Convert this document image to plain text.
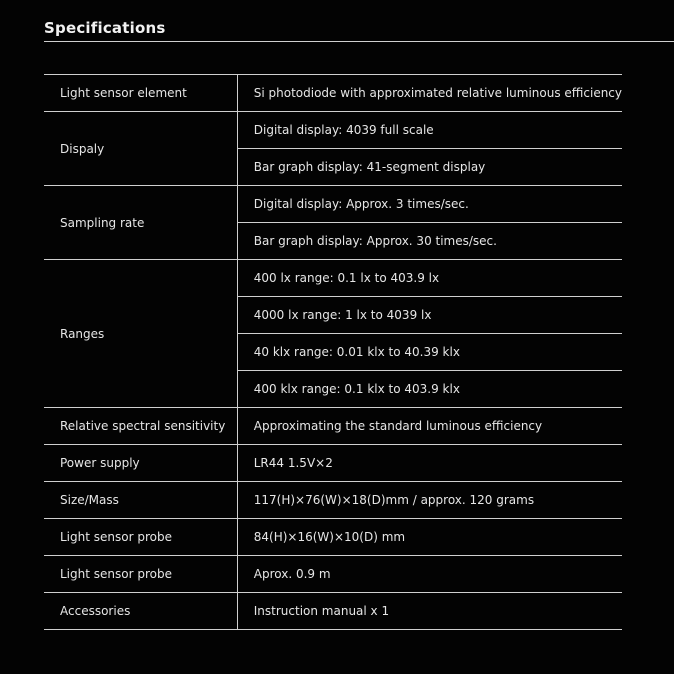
Specifications
Light sensor element	Si photodiode with approximated relative luminous efficiency
Dispaly	Digital display: 4039 full scale
	Bar graph display: 41-segment display
Sampling rate	Digital display: Approx. 3 times/sec.
	Bar graph display: Approx. 30 times/sec.
Ranges	400 lx range: 0.1 lx to 403.9 lx
	4000 lx range: 1 lx to 4039 lx
	40 klx range: 0.01 klx to 40.39 klx
	400 klx range: 0.1 klx to 403.9 klx
Relative spectral sensitivity	Approximating the standard luminous efficiency
Power supply	LR44 1.5V×2
Size/Mass	117(H)×76(W)×18(D)mm / approx. 120 grams
Light sensor probe	84(H)×16(W)×10(D) mm
Light sensor probe	Aprox. 0.9 m
Accessories	Instruction manual x 1
